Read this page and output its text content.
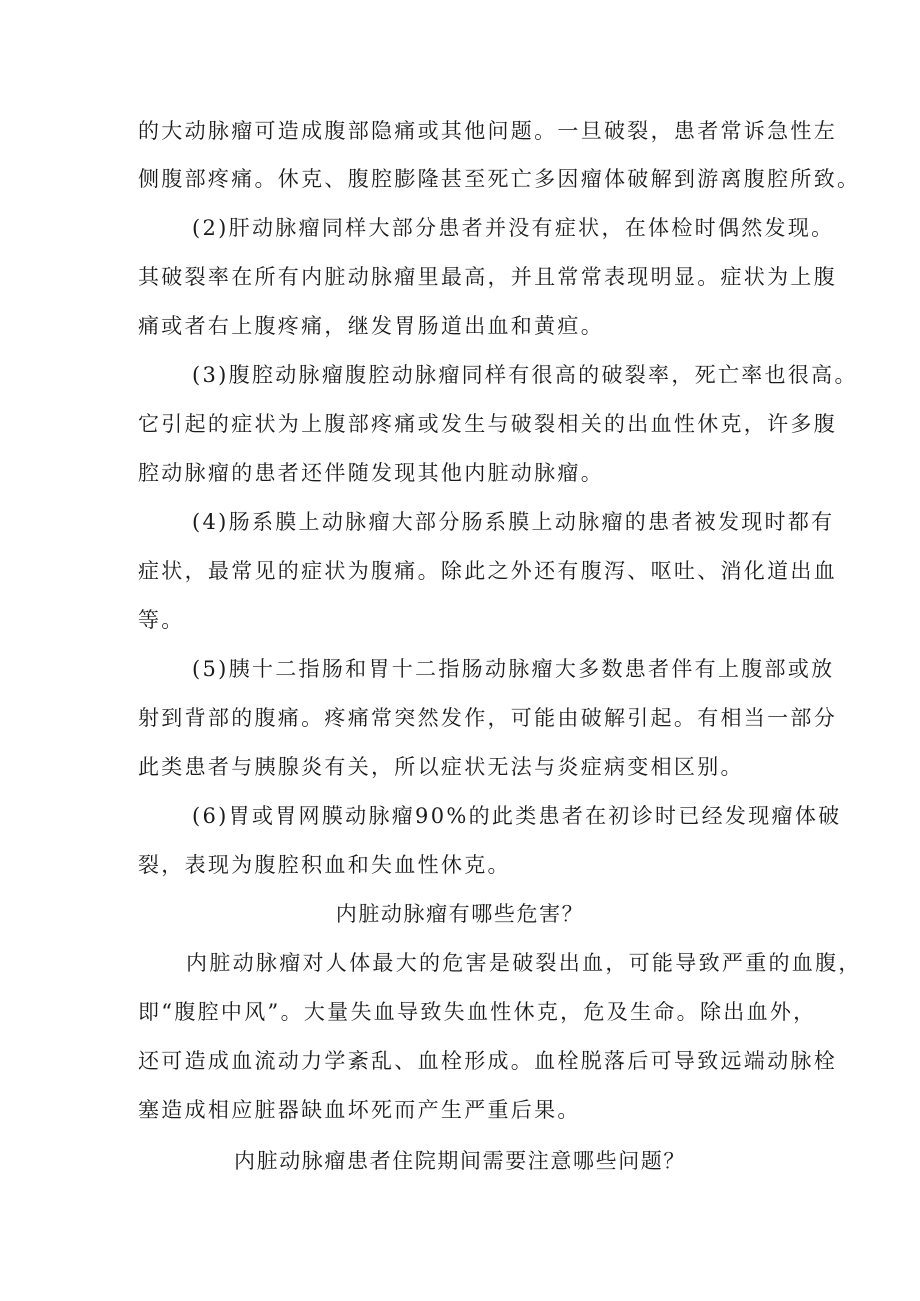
的大动脉瘤可造成腹部隐痛或其他问题。一旦破裂，患者常诉急性左
侧腹部疼痛。休克、腹腔膨隆甚至死亡多因瘤体破解到游离腹腔所致。
(2)肝动脉瘤同样大部分患者并没有症状，在体检时偶然发现。
其破裂率在所有内脏动脉瘤里最高，并且常常表现明显。症状为上腹
痛或者右上腹疼痛，继发胃肠道出血和黄疸。
(3)腹腔动脉瘤腹腔动脉瘤同样有很高的破裂率，死亡率也很高。
它引起的症状为上腹部疼痛或发生与破裂相关的出血性休克，许多腹
腔动脉瘤的患者还伴随发现其他内脏动脉瘤。
(4)肠系膜上动脉瘤大部分肠系膜上动脉瘤的患者被发现时都有
症状，最常见的症状为腹痛。除此之外还有腹泻、呕吐、消化道出血
等。
(5)胰十二指肠和胃十二指肠动脉瘤大多数患者伴有上腹部或放
射到背部的腹痛。疼痛常突然发作，可能由破解引起。有相当一部分
此类患者与胰腺炎有关，所以症状无法与炎症病变相区别。
(6)胃或胃网膜动脉瘤90%的此类患者在初诊时已经发现瘤体破
裂，表现为腹腔积血和失血性休克。
内脏动脉瘤有哪些危害？
内脏动脉瘤对人体最大的危害是破裂出血，可能导致严重的血腹，
即“腹腔中风”。大量失血导致失血性休克，危及生命。除出血外，
还可造成血流动力学紊乱、血栓形成。血栓脱落后可导致远端动脉栓
塞造成相应脏器缺血坏死而产生严重后果。
内脏动脉瘤患者住院期间需要注意哪些问题？
